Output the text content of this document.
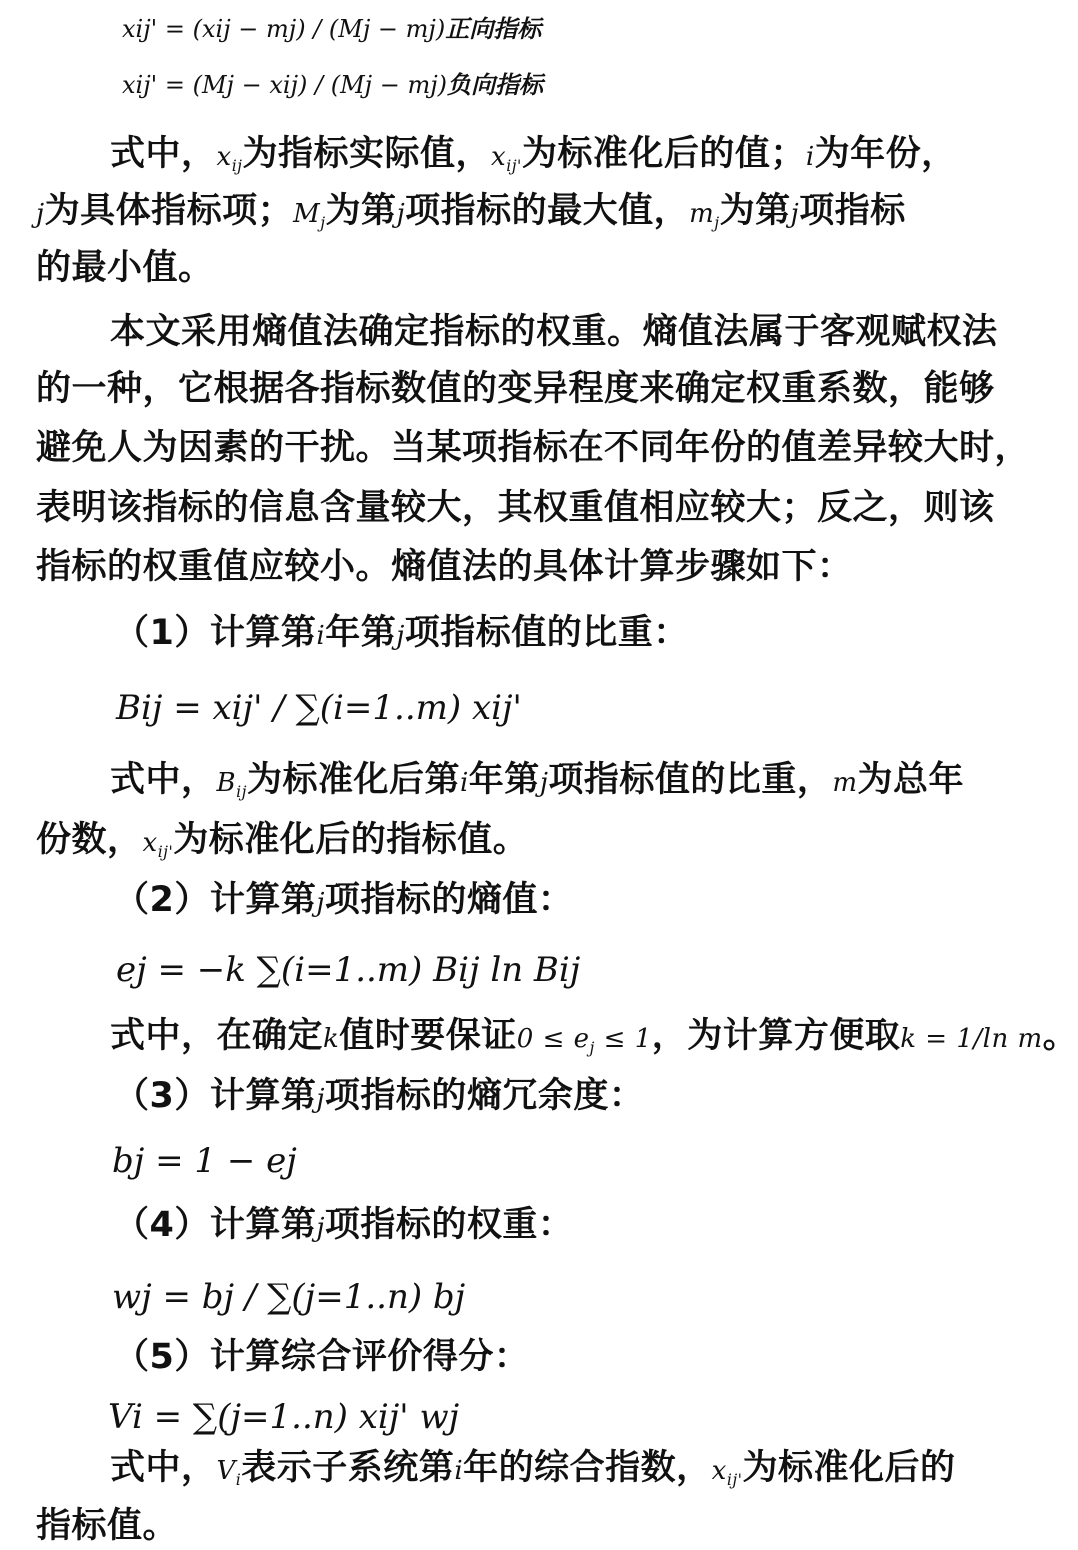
xij' = (xij − mj) / (Mj − mj)正向指标
xij' = (Mj − xij) / (Mj − mj)负向指标
式中，$x_{ij}$为指标实际值，$x_{ij'}$为标准化后的值；i为年份，
j为具体指标项；$M_j$为第j项指标的最大值，$m_j$为第j项指标
的最小值。
本文采用熵值法确定指标的权重。熵值法属于客观赋权法
的一种，它根据各指标数值的变异程度来确定权重系数，能够
避免人为因素的干扰。当某项指标在不同年份的值差异较大时，
表明该指标的信息含量较大，其权重值相应较大；反之，则该
指标的权重值应较小。熵值法的具体计算步骤如下：
（1）计算第i年第j项指标值的比重：
Bij = xij' / ∑(i=1..m) xij'
式中，$B_{ij}$为标准化后第i年第j项指标值的比重，m为总年
份数，$x_{ij'}$为标准化后的指标值。
（2）计算第j项指标的熵值：
ej = −k ∑(i=1..m) Bij ln Bij
式中，在确定k值时要保证$0 \le e_j \le 1$，为计算方便取k = 1/ln m。
（3）计算第j项指标的熵冗余度：
bj = 1 − ej
（4）计算第j项指标的权重：
wj = bj / ∑(j=1..n) bj
（5）计算综合评价得分：
Vi = ∑(j=1..n) xij' wj
式中，$V_i$表示子系统第i年的综合指数，$x_{ij'}$为标准化后的
指标值。
